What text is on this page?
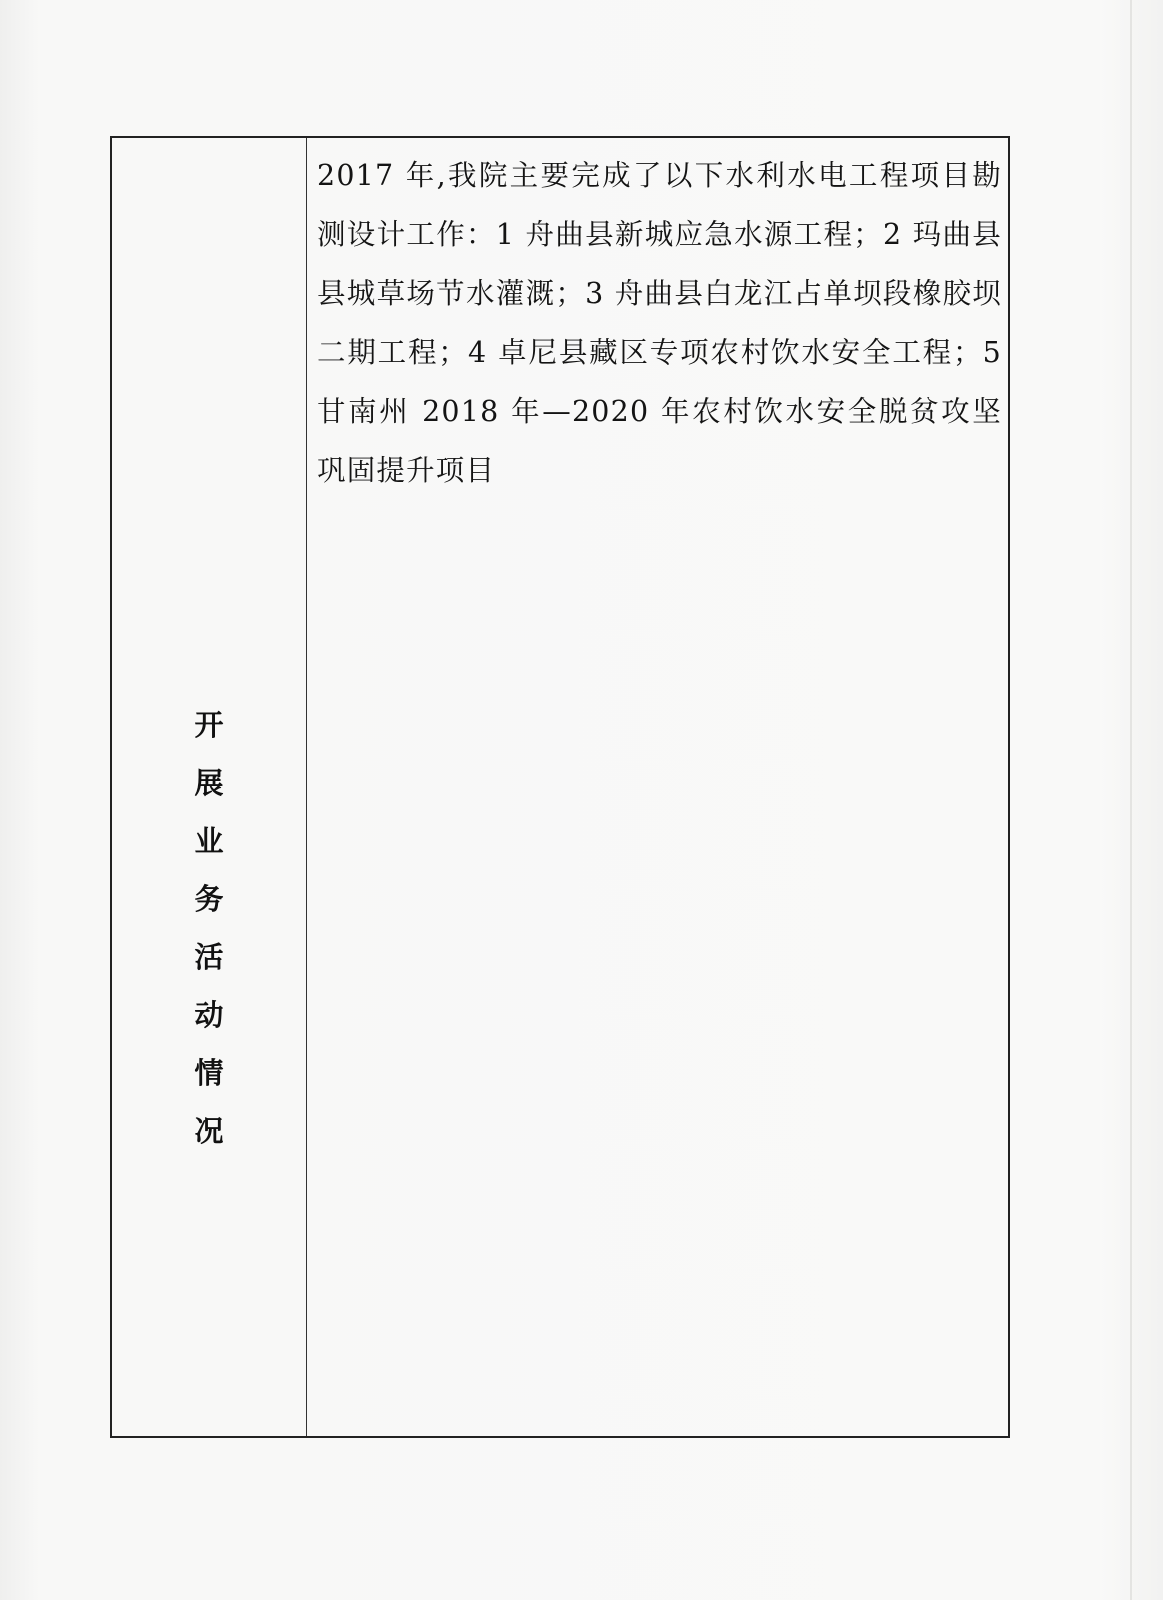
开
展
业
务
活
动
情
况
2017 年,我院主要完成了以下水利水电工程项目勘测设计工作：1 舟曲县新城应急水源工程；2 玛曲县县城草场节水灌溉；3 舟曲县白龙江占单坝段橡胶坝二期工程；4 卓尼县藏区专项农村饮水安全工程；5 甘南州 2018 年—2020 年农村饮水安全脱贫攻坚巩固提升项目
